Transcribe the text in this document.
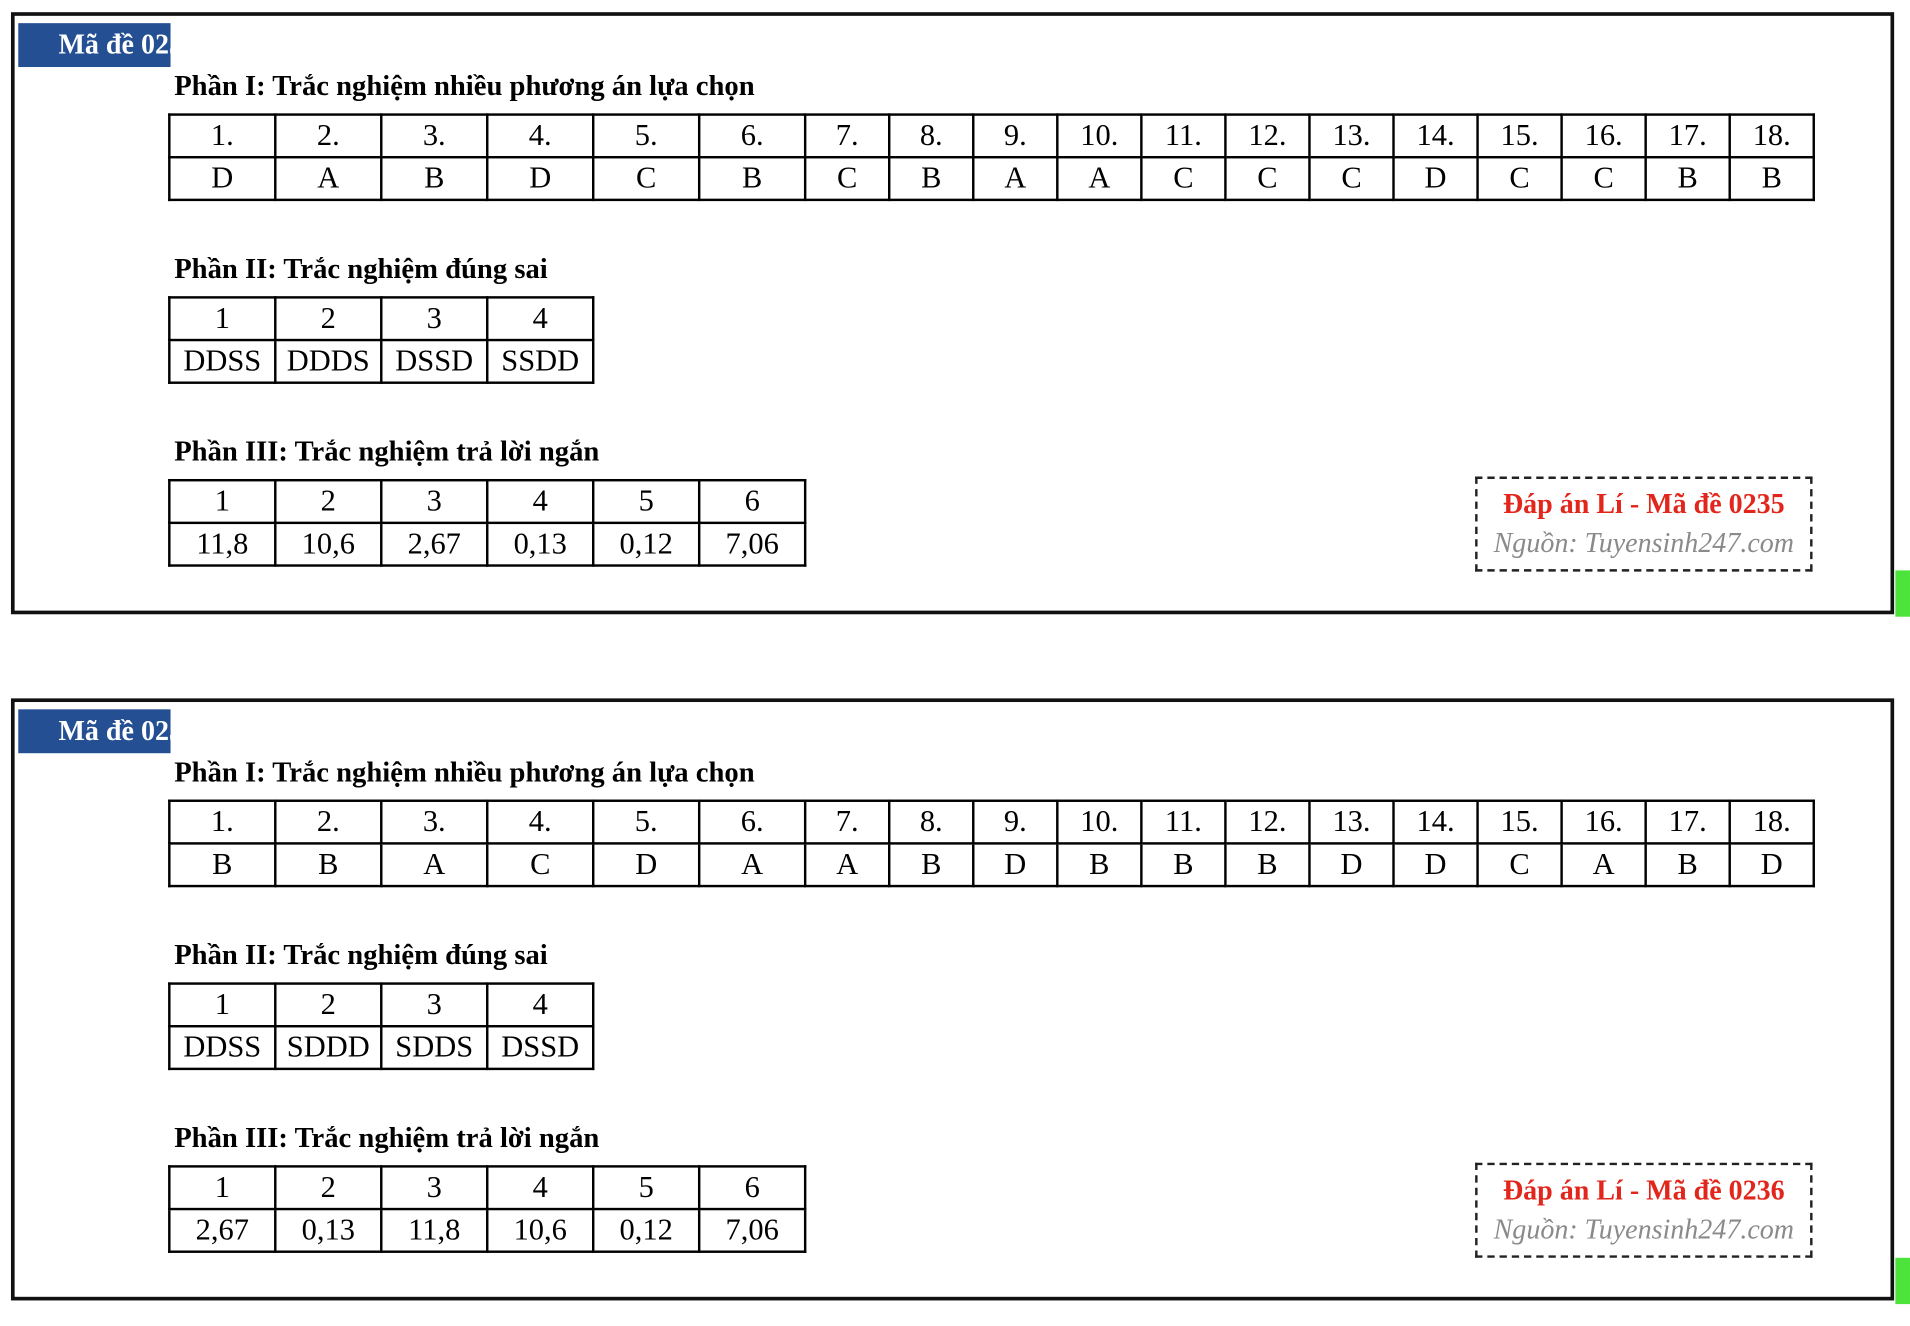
Mã đề 0235
Phần I: Trắc nghiệm nhiều phương án lựa chọn
1.	2.	3.	4.	5.	6.	7.	8.	9.	10.	11.	12.	13.	14.	15.	16.	17.	18.
D	A	B	D	C	B	C	B	A	A	C	C	C	D	C	C	B	B
Phần II: Trắc nghiệm đúng sai
1	2	3	4
DDSS	DDDS	DSSD	SSDD
Phần III: Trắc nghiệm trả lời ngắn
1	2	3	4	5	6
11,8	10,6	2,67	0,13	0,12	7,06
Đáp án Lí - Mã đề 0235
Nguồn: Tuyensinh247.com
Mã đề 0236
Phần I: Trắc nghiệm nhiều phương án lựa chọn
1.	2.	3.	4.	5.	6.	7.	8.	9.	10.	11.	12.	13.	14.	15.	16.	17.	18.
B	B	A	C	D	A	A	B	D	B	B	B	D	D	C	A	B	D
Phần II: Trắc nghiệm đúng sai
1	2	3	4
DDSS	SDDD	SDDS	DSSD
Phần III: Trắc nghiệm trả lời ngắn
1	2	3	4	5	6
2,67	0,13	11,8	10,6	0,12	7,06
Đáp án Lí - Mã đề 0236
Nguồn: Tuyensinh247.com
